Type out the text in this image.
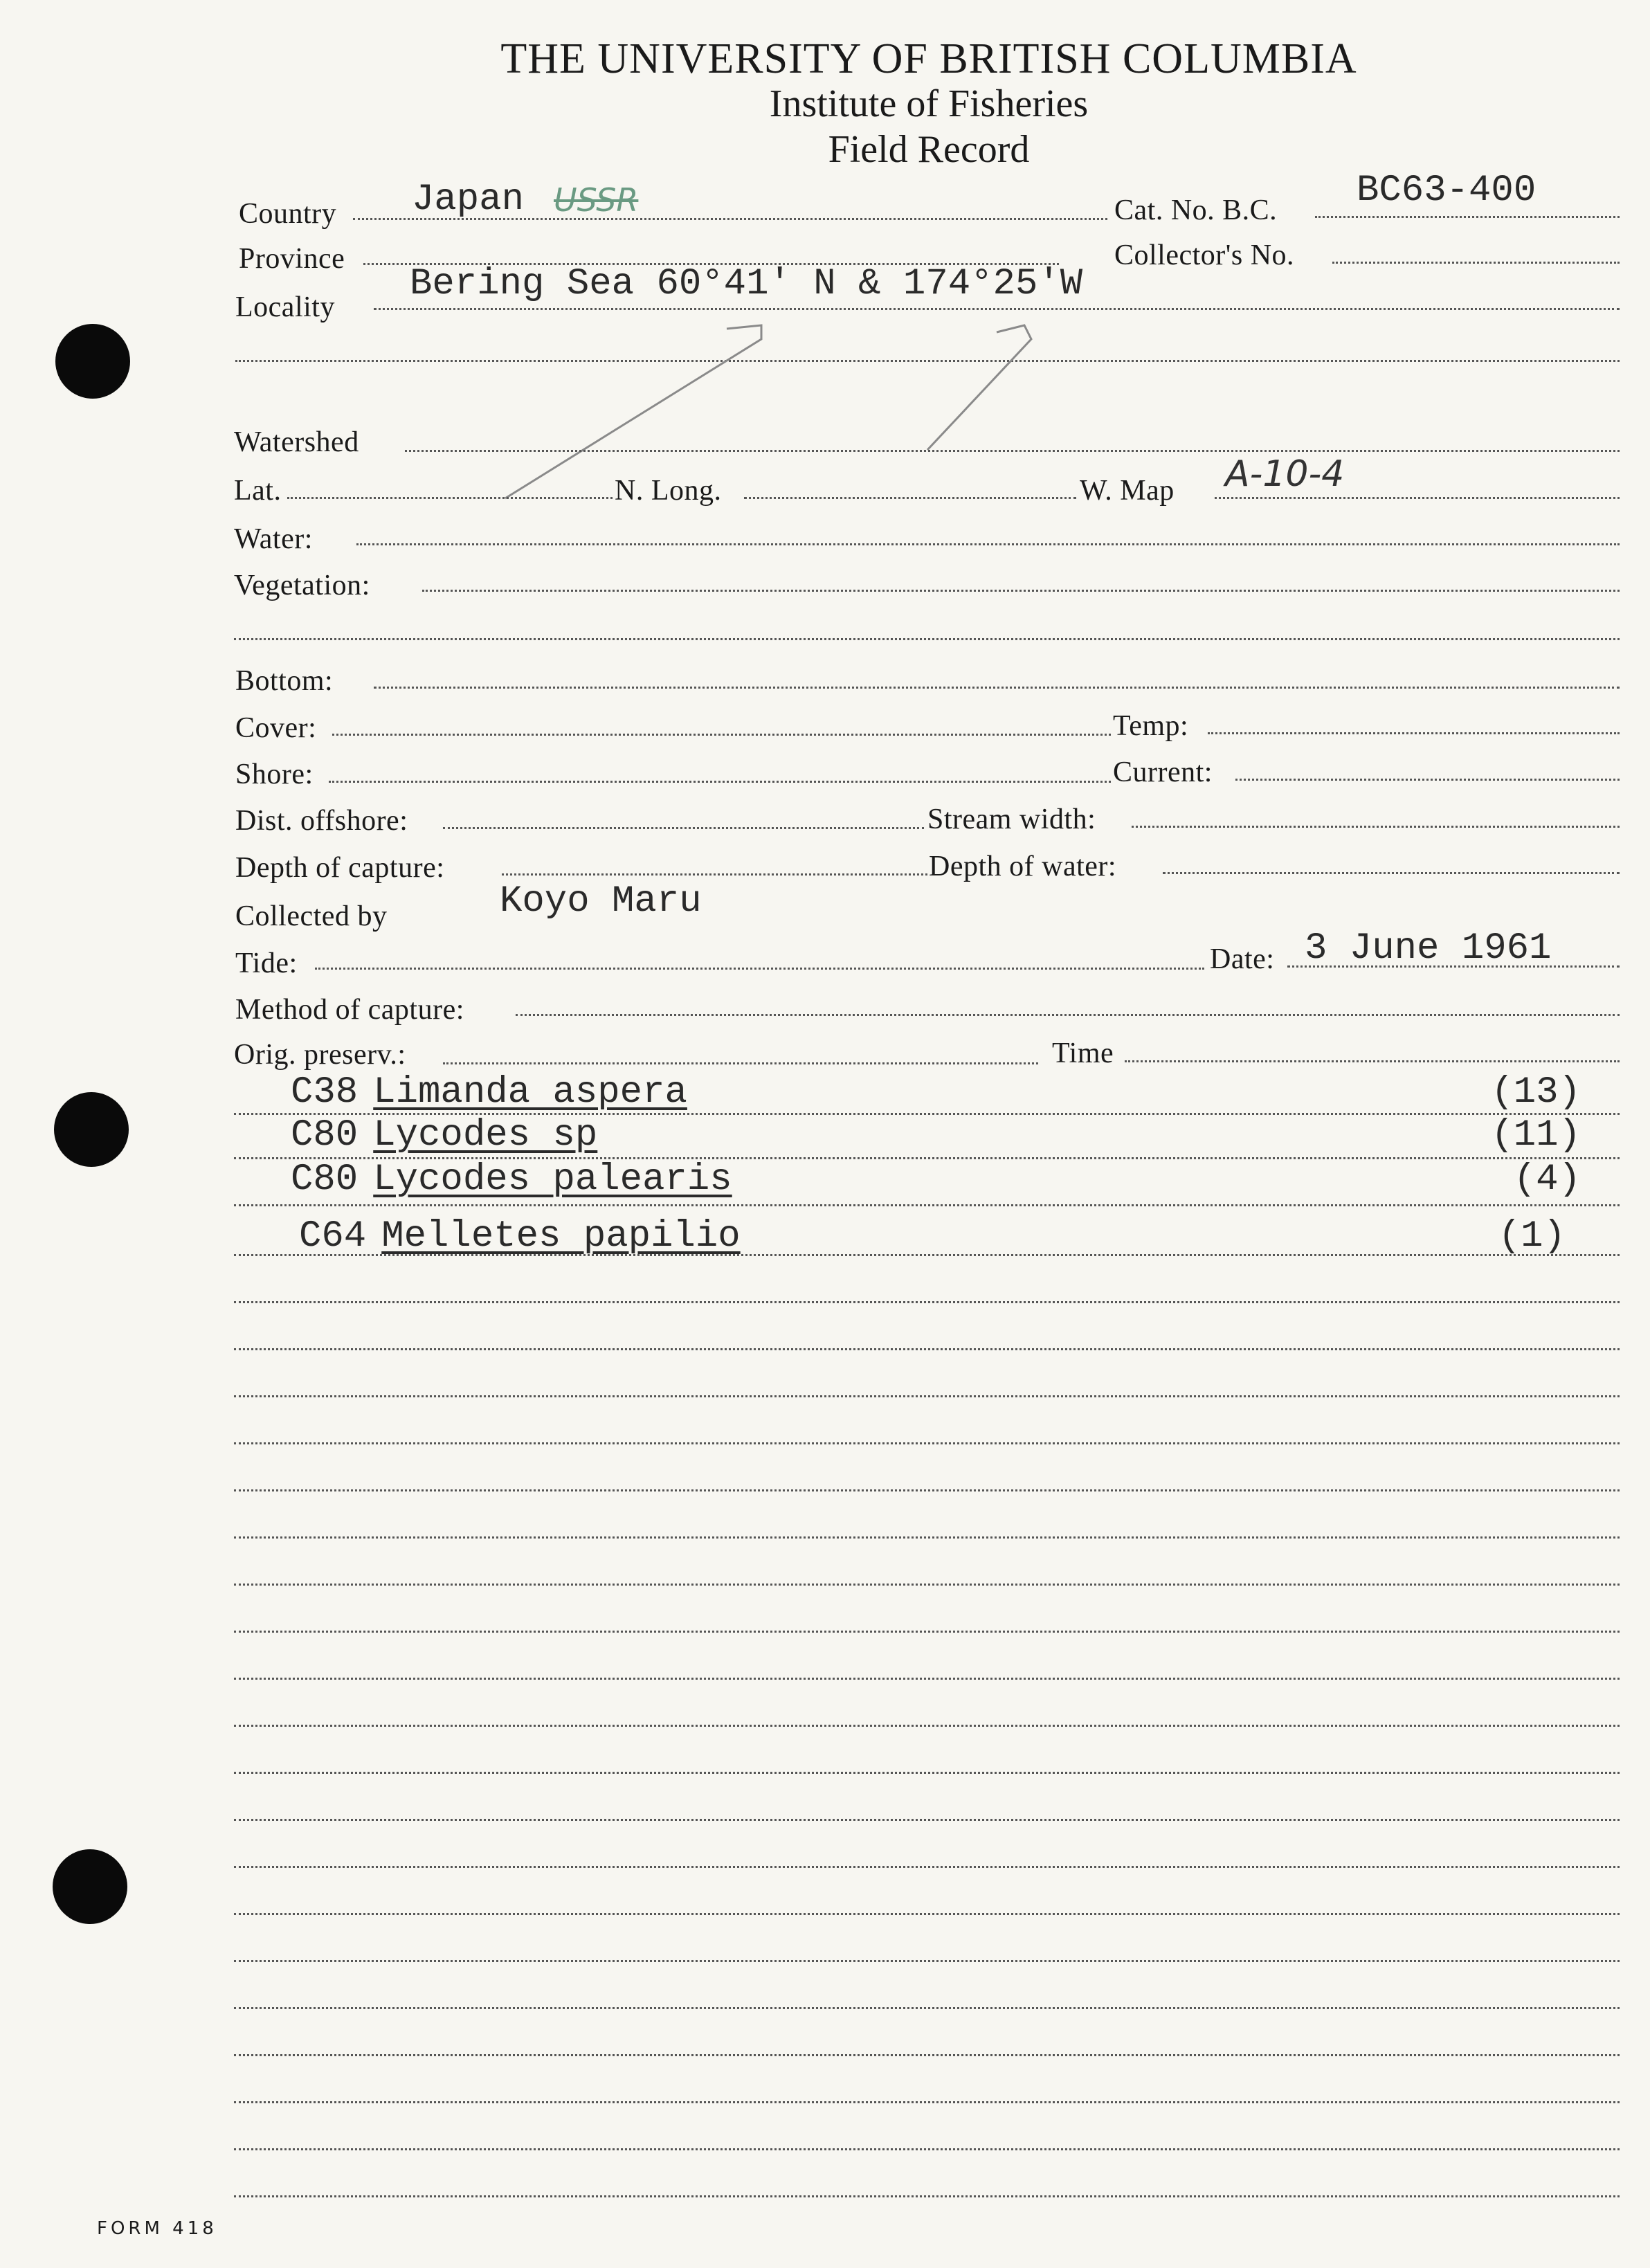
THE UNIVERSITY OF BRITISH COLUMBIA
Institute of Fisheries
Field Record
Country Japan USSR	Cat. No. B.C. BC63-400
Province	Collector's No.
Locality
Bering Sea 60°41' N & 174°25'W
Watershed
Lat.	N. Long.	W. Map A-10-4
Water:
Vegetation:
Bottom:
Cover:	Temp:
Shore:	Current:
Dist. offshore:	Stream width:
Depth of capture:	Depth of water:
Collected by	Koyo Maru
Tide:	Date: 3 June 1961
Method of capture:
Orig. preserv.:	Time
C38 Limanda aspera	(13)
C80 Lycodes sp	(11)
C80 Lycodes palearis	(4)
C64 Melletes papilio	(1)
FORM 418
